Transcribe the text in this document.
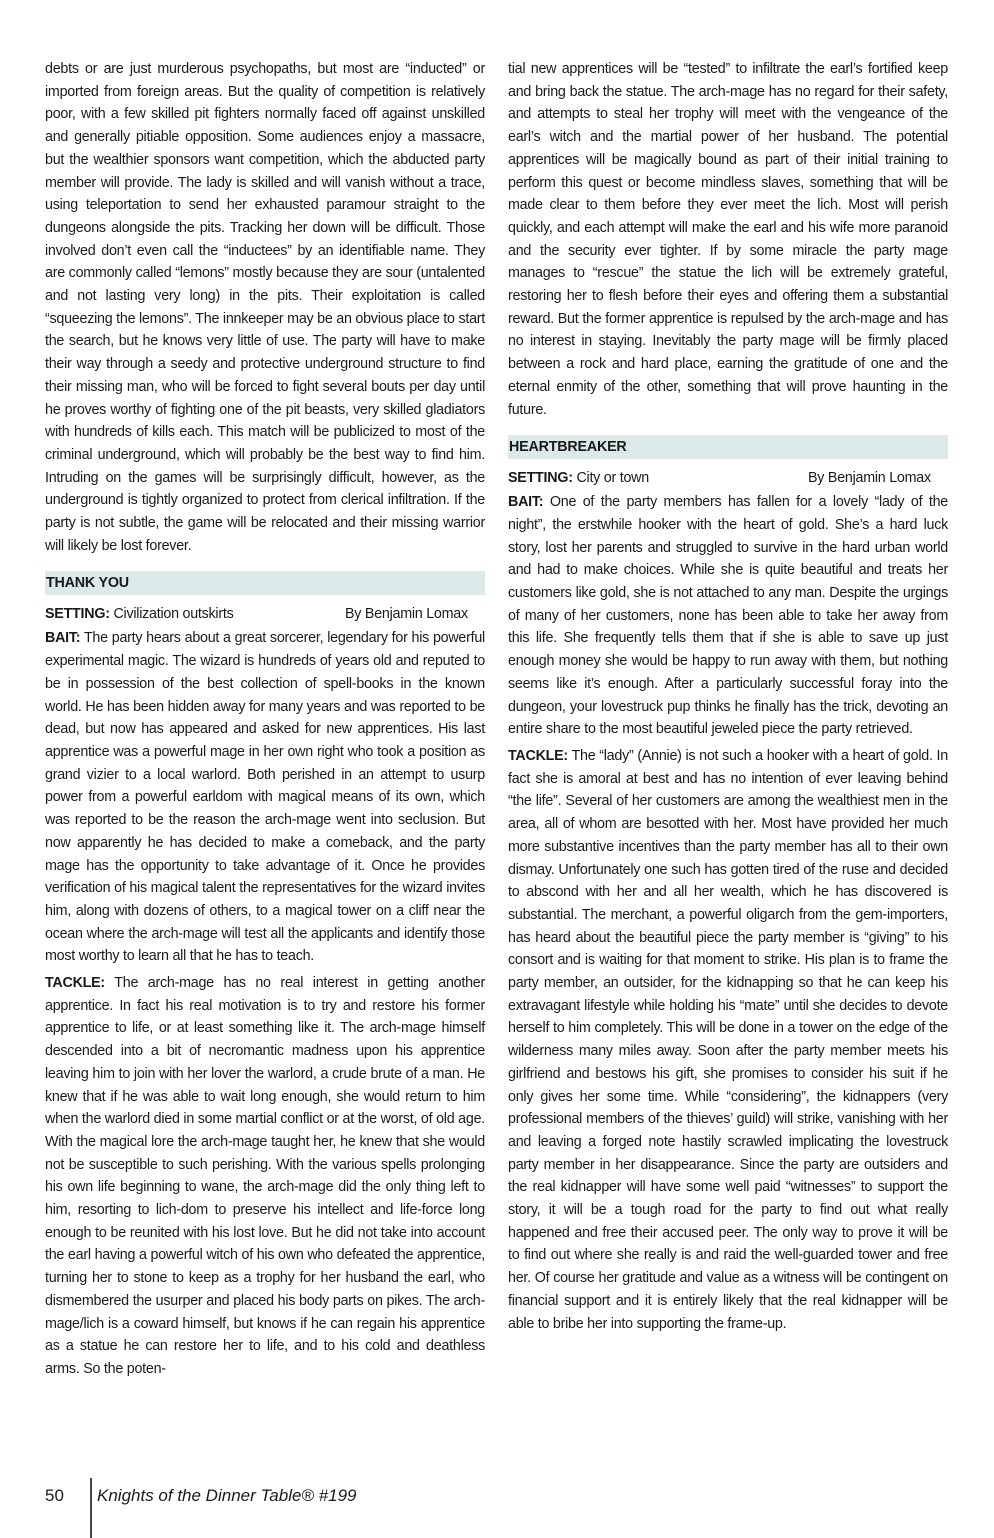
debts or are just murderous psychopaths, but most are “inducted” or imported from foreign areas. But the quality of competition is relatively poor, with a few skilled pit fighters normally faced off against unskilled and generally pitiable opposition. Some audiences enjoy a massacre, but the wealthier sponsors want competition, which the abducted party member will provide. The lady is skilled and will vanish without a trace, using teleportation to send her exhausted paramour straight to the dungeons alongside the pits. Tracking her down will be difficult. Those involved don’t even call the “inductees” by an identifiable name. They are commonly called “lemons” mostly because they are sour (untalented and not lasting very long) in the pits. Their exploitation is called “squeezing the lemons”. The innkeeper may be an obvious place to start the search, but he knows very little of use. The party will have to make their way through a seedy and protective underground structure to find their missing man, who will be forced to fight several bouts per day until he proves worthy of fighting one of the pit beasts, very skilled gladiators with hundreds of kills each. This match will be publicized to most of the criminal underground, which will probably be the best way to find him. Intruding on the games will be surprisingly difficult, however, as the underground is tightly organized to protect from clerical infiltration. If the party is not subtle, the game will be relocated and their missing warrior will likely be lost forever.

THANK YOU
SETTING: Civilization outskirts	By Benjamin Lomax

BAIT: The party hears about a great sorcerer, legendary for his powerful experimental magic. The wizard is hundreds of years old and reputed to be in possession of the best collection of spell-books in the known world. He has been hidden away for many years and was reported to be dead, but now has appeared and asked for new apprentices. His last apprentice was a powerful mage in her own right who took a position as grand vizier to a local warlord. Both perished in an attempt to usurp power from a powerful earldom with magical means of its own, which was reported to be the reason the arch-mage went into seclusion. But now apparently he has decided to make a comeback, and the party mage has the opportunity to take advantage of it. Once he provides verification of his magical talent the representatives for the wizard invites him, along with dozens of others, to a magical tower on a cliff near the ocean where the arch-mage will test all the applicants and identify those most worthy to learn all that he has to teach.

TACKLE: The arch-mage has no real interest in getting another apprentice. In fact his real motivation is to try and restore his former apprentice to life, or at least something like it. The arch-mage himself descended into a bit of necromantic madness upon his apprentice leaving him to join with her lover the warlord, a crude brute of a man. He knew that if he was able to wait long enough, she would return to him when the warlord died in some martial conflict or at the worst, of old age. With the magical lore the arch-mage taught her, he knew that she would not be susceptible to such perishing. With the various spells prolonging his own life beginning to wane, the arch-mage did the only thing left to him, resorting to lich-dom to preserve his intellect and life-force long enough to be reunited with his lost love. But he did not take into account the earl having a powerful witch of his own who defeated the apprentice, turning her to stone to keep as a trophy for her husband the earl, who dismembered the usurper and placed his body parts on pikes. The arch-mage/lich is a coward himself, but knows if he can regain his apprentice as a statue he can restore her to life, and to his cold and deathless arms. So the poten-

tial new apprentices will be “tested” to infiltrate the earl’s fortified keep and bring back the statue. The arch-mage has no regard for their safety, and attempts to steal her trophy will meet with the vengeance of the earl’s witch and the martial power of her husband. The potential apprentices will be magically bound as part of their initial training to perform this quest or become mindless slaves, something that will be made clear to them before they ever meet the lich. Most will perish quickly, and each attempt will make the earl and his wife more paranoid and the security ever tighter. If by some miracle the party mage manages to “rescue” the statue the lich will be extremely grateful, restoring her to flesh before their eyes and offering them a substantial reward. But the former apprentice is repulsed by the arch-mage and has no interest in staying. Inevitably the party mage will be firmly placed between a rock and hard place, earning the gratitude of one and the eternal enmity of the other, something that will prove haunting in the future.

HEARTBREAKER
SETTING: City or town	By Benjamin Lomax

BAIT: One of the party members has fallen for a lovely “lady of the night”, the erstwhile hooker with the heart of gold. She’s a hard luck story, lost her parents and struggled to survive in the hard urban world and had to make choices. While she is quite beautiful and treats her customers like gold, she is not attached to any man. Despite the urgings of many of her customers, none has been able to take her away from this life. She frequently tells them that if she is able to save up just enough money she would be happy to run away with them, but nothing seems like it’s enough. After a particularly successful foray into the dungeon, your lovestruck pup thinks he finally has the trick, devoting an entire share to the most beautiful jeweled piece the party retrieved.

TACKLE: The “lady” (Annie) is not such a hooker with a heart of gold. In fact she is amoral at best and has no intention of ever leaving behind “the life”. Several of her customers are among the wealthiest men in the area, all of whom are besotted with her. Most have provided her much more substantive incentives than the party member has all to their own dismay. Unfortunately one such has gotten tired of the ruse and decided to abscond with her and all her wealth, which he has discovered is substantial. The merchant, a powerful oligarch from the gem-importers, has heard about the beautiful piece the party member is “giving” to his consort and is waiting for that moment to strike. His plan is to frame the party member, an outsider, for the kidnapping so that he can keep his extravagant lifestyle while holding his “mate” until she decides to devote herself to him completely. This will be done in a tower on the edge of the wilderness many miles away. Soon after the party member meets his girlfriend and bestows his gift, she promises to consider his suit if he only gives her some time. While “considering”, the kidnappers (very professional members of the thieves’ guild) will strike, vanishing with her and leaving a forged note hastily scrawled implicating the lovestruck party member in her disappearance. Since the party are outsiders and the real kidnapper will have some well paid “witnesses” to support the story, it will be a tough road for the party to find out what really happened and free their accused peer. The only way to prove it will be to find out where she really is and raid the well-guarded tower and free her. Of course her gratitude and value as a witness will be contingent on financial support and it is entirely likely that the real kidnapper will be able to bribe her into supporting the frame-up.

50 Knights of the Dinner Table® #199
